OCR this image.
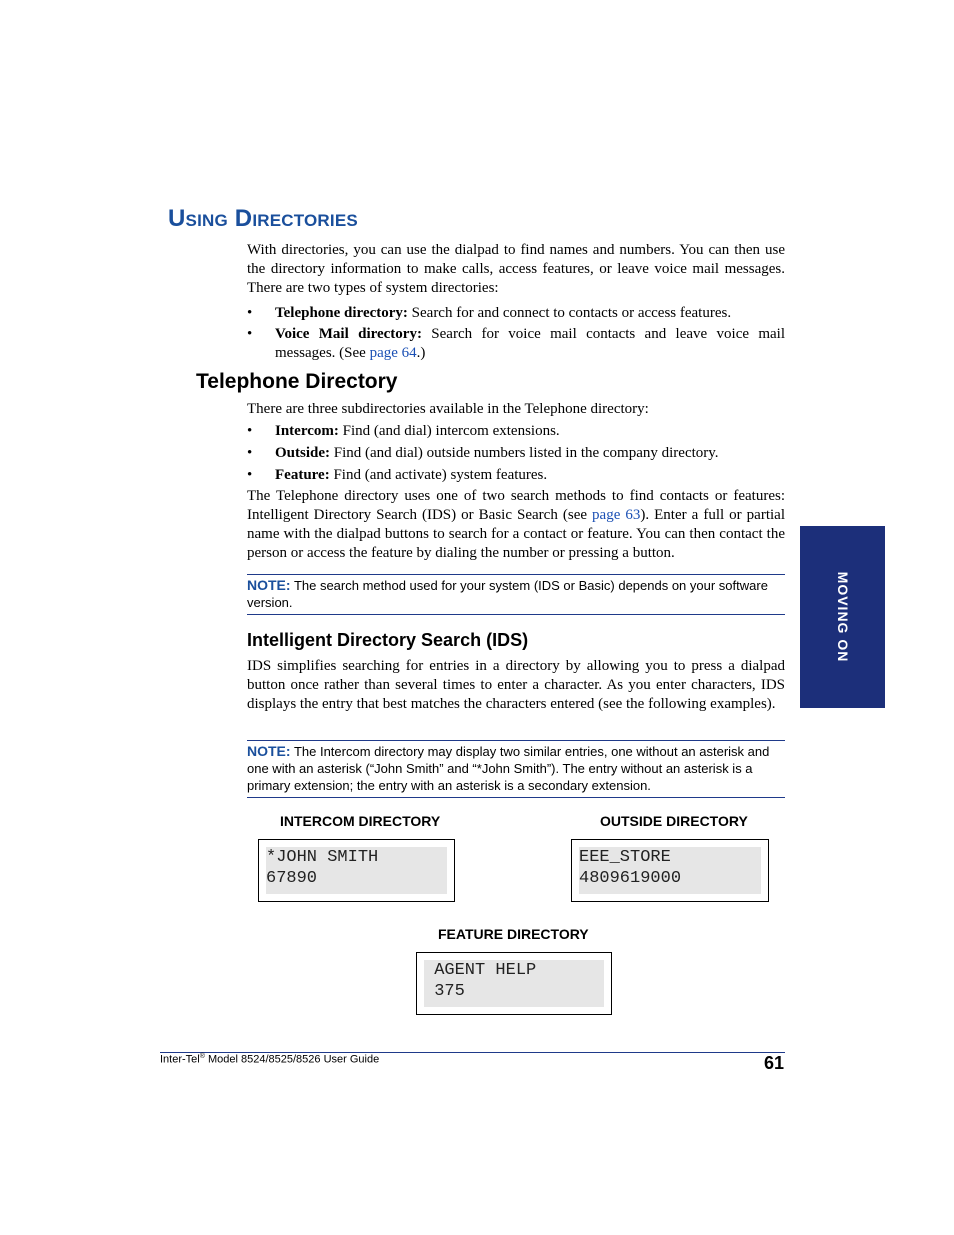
Using Directories
With directories, you can use the dialpad to find names and numbers. You can then use the directory information to make calls, access features, or leave voice mail messages. There are two types of system directories:
•	Telephone directory: Search for and connect to contacts or access features.
•	Voice Mail directory: Search for voice mail contacts and leave voice mail messages. (See page 64.)
Telephone Directory
There are three subdirectories available in the Telephone directory:
•	Intercom: Find (and dial) intercom extensions.
•	Outside: Find (and dial) outside numbers listed in the company directory.
•	Feature: Find (and activate) system features.
The Telephone directory uses one of two search methods to find contacts or features: Intelligent Directory Search (IDS) or Basic Search (see page 63). Enter a full or partial name with the dialpad buttons to search for a contact or feature. You can then contact the person or access the feature by dialing the number or pressing a button.
NOTE: The search method used for your system (IDS or Basic) depends on your software version.
Intelligent Directory Search (IDS)
IDS simplifies searching for entries in a directory by allowing you to press a dialpad button once rather than several times to enter a character. As you enter characters, IDS displays the entry that best matches the characters entered (see the following examples).
NOTE: The Intercom directory may display two similar entries, one without an asterisk and one with an asterisk (“John Smith” and “*John Smith”). The entry without an asterisk is a primary extension; the entry with an asterisk is a secondary extension.
INTERCOM DIRECTORY	OUTSIDE DIRECTORY
*JOHN SMITH
67890
EEE_STORE
4809619000
FEATURE DIRECTORY
AGENT HELP
375
MOVING ON
Inter-Tel® Model 8524/8525/8526 User Guide	61
